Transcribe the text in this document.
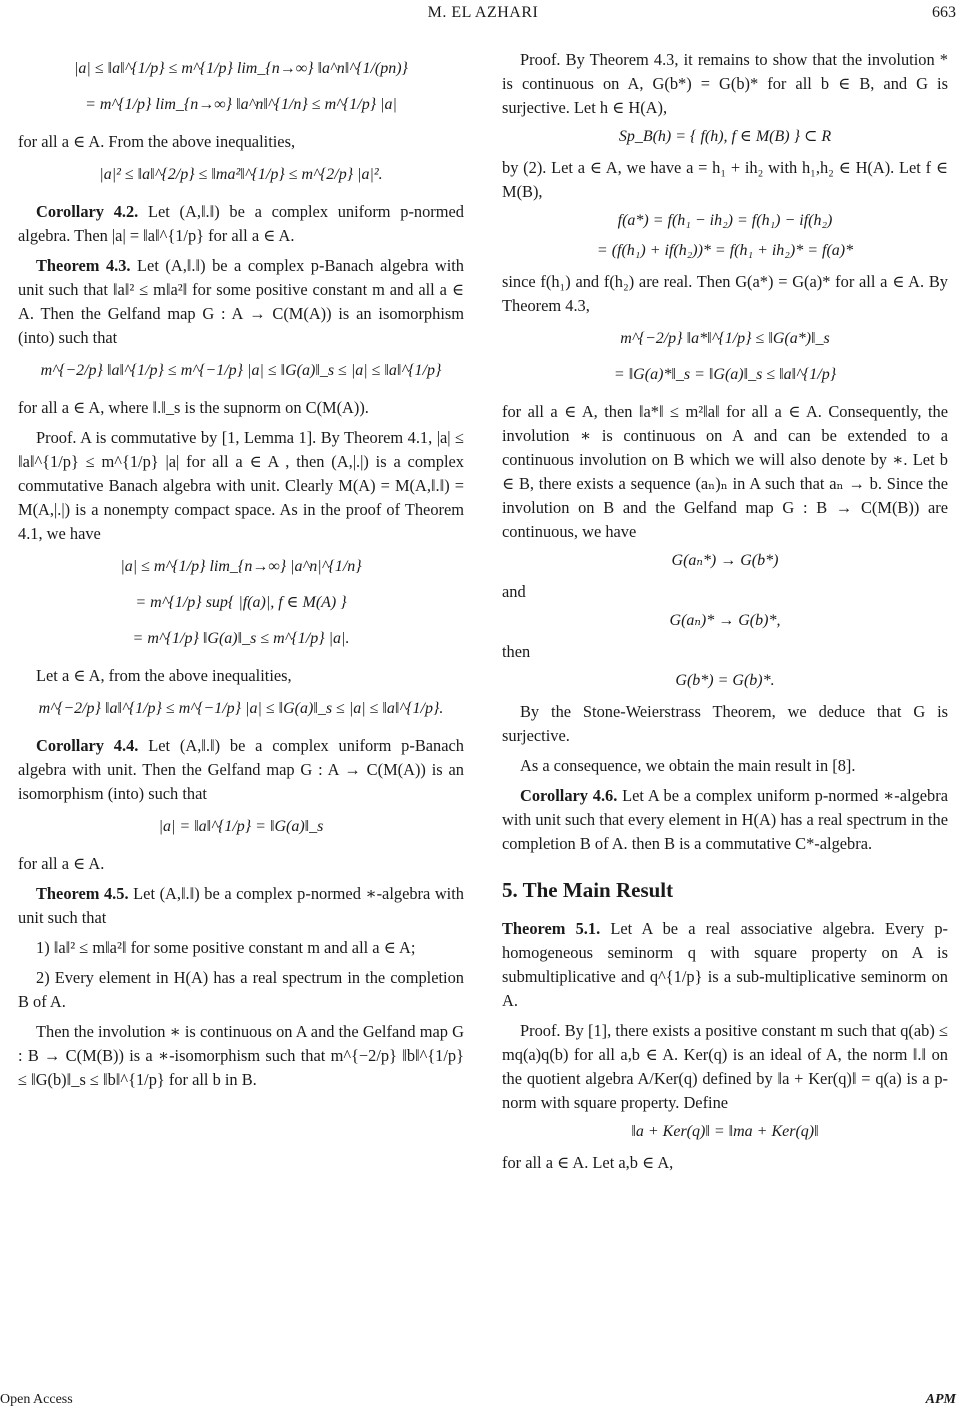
M. EL AZHARI	663
|a| ≤ ‖a‖^{1/p} ≤ m^{1/p} lim_{n→∞} ‖a^n‖^{1/(pn)}
= m^{1/p} lim_{n→∞} ‖a^n‖^{1/n} ≤ m^{1/p} |a|

for all a ∈ A. From the above inequalities,

|a|² ≤ ‖a‖^{2/p} ≤ ‖ma²‖^{1/p} ≤ m^{2/p} |a|².

Corollary 4.2. Let (A,‖.‖) be a complex uniform p-normed algebra. Then |a| = ‖a‖^{1/p} for all a ∈ A.

Theorem 4.3. Let (A,‖.‖) be a complex p-Banach algebra with unit such that ‖a‖² ≤ m‖a²‖ for some positive constant m and all a ∈ A. Then the Gelfand map G : A → C(M(A)) is an isomorphism (into) such that

m^{−2/p} ‖a‖^{1/p} ≤ m^{−1/p} |a| ≤ ‖G(a)‖_s ≤ |a| ≤ ‖a‖^{1/p}

for all a ∈ A, where ‖.‖_s is the supnorm on C(M(A)).

Proof. A is commutative by [1, Lemma 1]. By Theorem 4.1, |a| ≤ ‖a‖^{1/p} ≤ m^{1/p} |a| for all a ∈ A , then (A,|.|) is a complex commutative Banach algebra with unit. Clearly M(A) = M(A,‖.‖) = M(A,|.|) is a nonempty compact space. As in the proof of Theorem 4.1, we have

|a| ≤ m^{1/p} lim_{n→∞} |a^n|^{1/n}
= m^{1/p} sup{ |f(a)|, f ∈ M(A) }
= m^{1/p} ‖G(a)‖_s ≤ m^{1/p} |a|.

Let a ∈ A, from the above inequalities,

m^{−2/p} ‖a‖^{1/p} ≤ m^{−1/p} |a| ≤ ‖G(a)‖_s ≤ |a| ≤ ‖a‖^{1/p}.

Corollary 4.4. Let (A,‖.‖) be a complex uniform p-Banach algebra with unit. Then the Gelfand map G : A → C(M(A)) is an isomorphism (into) such that

|a| = ‖a‖^{1/p} = ‖G(a)‖_s

for all a ∈ A.

Theorem 4.5. Let (A,‖.‖) be a complex p-normed ∗-algebra with unit such that

1) ‖a‖² ≤ m‖a²‖ for some positive constant m and all a ∈ A;

2) Every element in H(A) has a real spectrum in the completion B of A.

Then the involution ∗ is continuous on A and the Gelfand map G : B → C(M(B)) is a ∗-isomorphism such that m^{−2/p} ‖b‖^{1/p} ≤ ‖G(b)‖_s ≤ ‖b‖^{1/p} for all b in B.

Proof. By Theorem 4.3, it remains to show that the involution * is continuous on A, G(b*) = G(b)* for all b ∈ B, and G is surjective. Let h ∈ H(A),

Sp_B(h) = { f(h), f ∈ M(B) } ⊂ R

by (2). Let a ∈ A, we have a = h₁ + ih₂ with h₁,h₂ ∈ H(A). Let f ∈ M(B),

f(a*) = f(h₁ − ih₂) = f(h₁) − if(h₂)
= (f(h₁) + if(h₂))* = f(h₁ + ih₂)* = f(a)*

since f(h₁) and f(h₂) are real. Then G(a*) = G(a)* for all a ∈ A. By Theorem 4.3,

m^{−2/p} ‖a*‖^{1/p} ≤ ‖G(a*)‖_s
= ‖G(a)*‖_s = ‖G(a)‖_s ≤ ‖a‖^{1/p}

for all a ∈ A, then ‖a*‖ ≤ m²‖a‖ for all a ∈ A. Consequently, the involution ∗ is continuous on A and can be extended to a continuous involution on B which we will also denote by ∗. Let b ∈ B, there exists a sequence (aₙ)ₙ in A such that aₙ → b. Since the involution on B and the Gelfand map G : B → C(M(B)) are continuous, we have

G(aₙ*) → G(b*)

and

G(aₙ)* → G(b)*,

then

G(b*) = G(b)*.

By the Stone-Weierstrass Theorem, we deduce that G is surjective.

As a consequence, we obtain the main result in [8].

Corollary 4.6. Let A be a complex uniform p-normed ∗-algebra with unit such that every element in H(A) has a real spectrum in the completion B of A. then B is a commutative C*-algebra.

5. The Main Result

Theorem 5.1. Let A be a real associative algebra. Every p-homogeneous seminorm q with square property on A is submultiplicative and q^{1/p} is a sub-multiplicative seminorm on A.

Proof. By [1], there exists a positive constant m such that q(ab) ≤ mq(a)q(b) for all a,b ∈ A. Ker(q) is an ideal of A, the norm ‖.‖ on the quotient algebra A/Ker(q) defined by ‖a + Ker(q)‖ = q(a) is a p-norm with square property. Define

‖a + Ker(q)‖ = ‖ma + Ker(q)‖

for all a ∈ A. Let a,b ∈ A,

Open Access	APM
